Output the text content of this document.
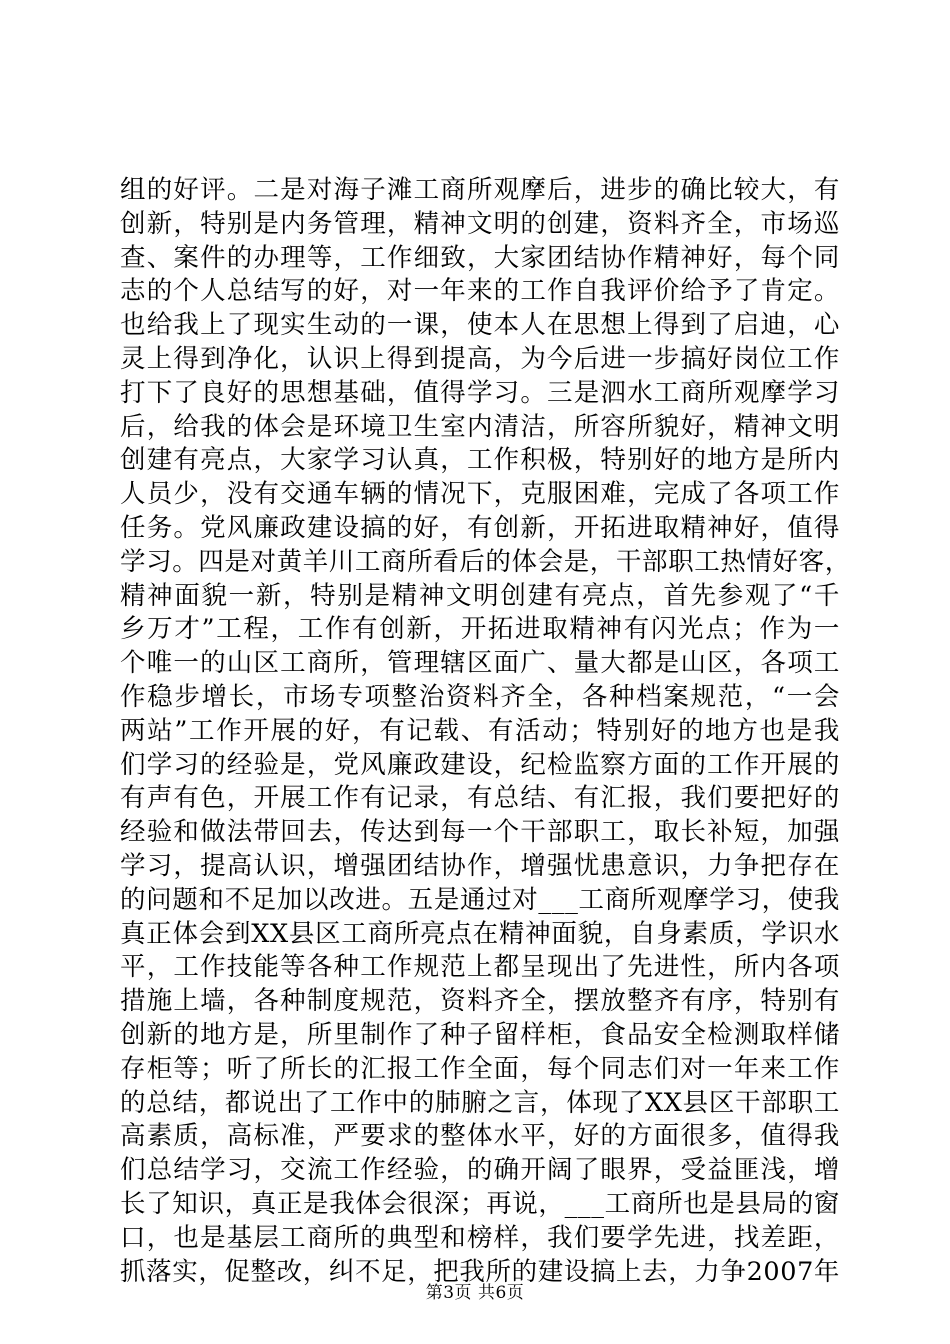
组的好评。二是对海子滩工商所观摩后，进步的确比较大，有
创新，特别是内务管理，精神文明的创建，资料齐全，市场巡
查、案件的办理等，工作细致，大家团结协作精神好，每个同
志的个人总结写的好，对一年来的工作自我评价给予了肯定。
也给我上了现实生动的一课，使本人在思想上得到了启迪，心
灵上得到净化，认识上得到提高，为今后进一步搞好岗位工作
打下了良好的思想基础，值得学习。三是泗水工商所观摩学习
后，给我的体会是环境卫生室内清洁，所容所貌好，精神文明
创建有亮点，大家学习认真，工作积极，特别好的地方是所内
人员少，没有交通车辆的情况下，克服困难，完成了各项工作
任务。党风廉政建设搞的好，有创新，开拓进取精神好，值得
学习。四是对黄羊川工商所看后的体会是，干部职工热情好客，
精神面貌一新，特别是精神文明创建有亮点，首先参观了“千
乡万才”工程，工作有创新，开拓进取精神有闪光点；作为一
个唯一的山区工商所，管理辖区面广、量大都是山区，各项工
作稳步增长，市场专项整治资料齐全，各种档案规范，“一会
两站”工作开展的好，有记载、有活动；特别好的地方也是我
们学习的经验是，党风廉政建设，纪检监察方面的工作开展的
有声有色，开展工作有记录，有总结、有汇报，我们要把好的
经验和做法带回去，传达到每一个干部职工，取长补短，加强
学习，提高认识，增强团结协作，增强忧患意识，力争把存在
的问题和不足加以改进。五是通过对___工商所观摩学习，使我
真正体会到XX县区工商所亮点在精神面貌，自身素质，学识水
平，工作技能等各种工作规范上都呈现出了先进性，所内各项
措施上墙，各种制度规范，资料齐全，摆放整齐有序，特别有
创新的地方是，所里制作了种子留样柜，食品安全检测取样储
存柜等；听了所长的汇报工作全面，每个同志们对一年来工作
的总结，都说出了工作中的肺腑之言，体现了XX县区干部职工
高素质，高标准，严要求的整体水平，好的方面很多，值得我
们总结学习，交流工作经验，的确开阔了眼界，受益匪浅，增
长了知识，真正是我体会很深；再说，___工商所也是县局的窗
口，也是基层工商所的典型和榜样，我们要学先进，找差距，
抓落实，促整改，纠不足，把我所的建设搞上去，力争2007年
第3页 共6页
